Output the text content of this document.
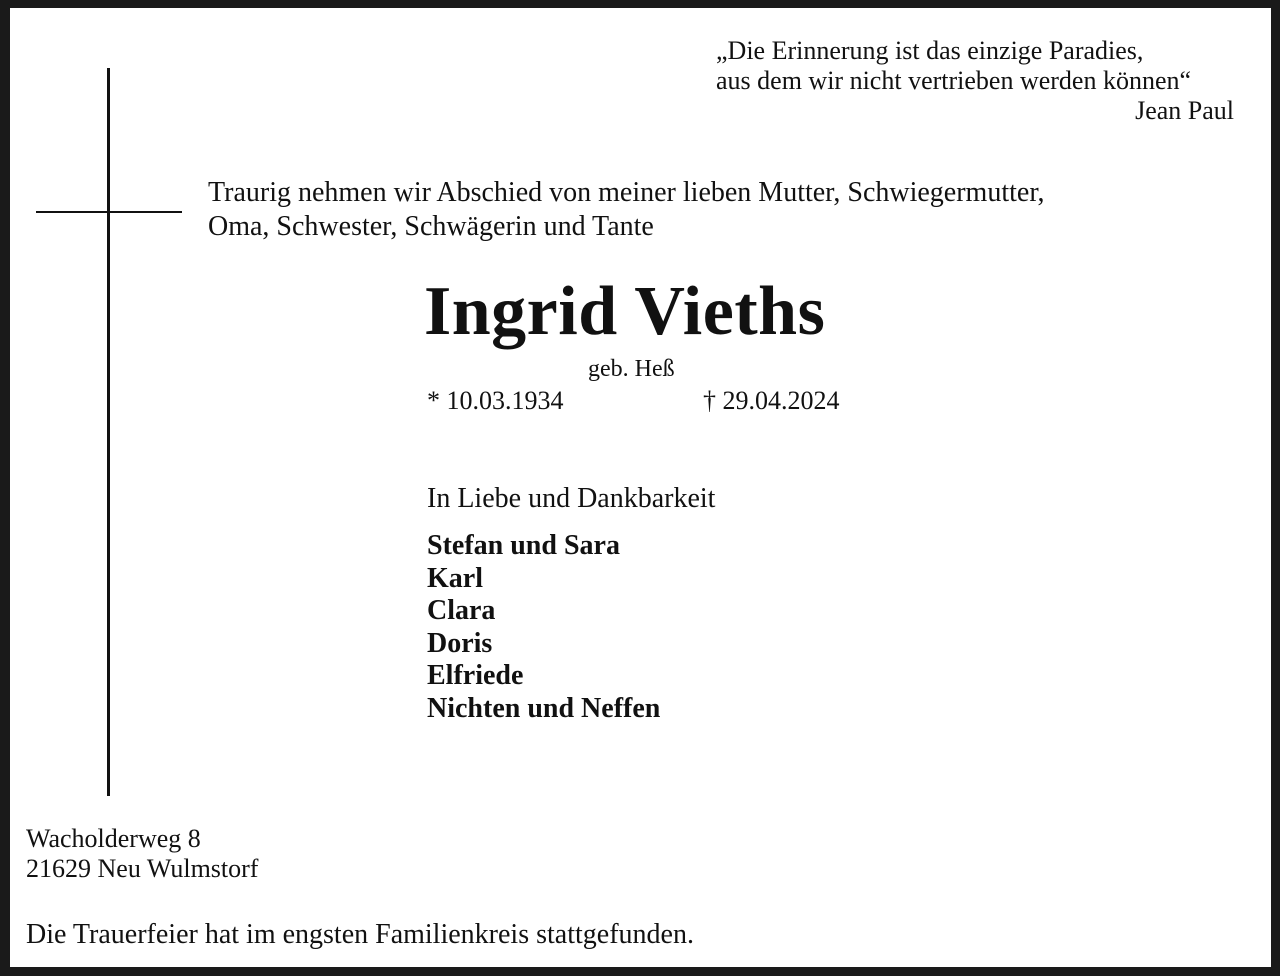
„Die Erinnerung ist das einzige Paradies,
aus dem wir nicht vertrieben werden können“
Jean Paul
Traurig nehmen wir Abschied von meiner lieben Mutter, Schwiegermutter,
Oma, Schwester, Schwägerin und Tante
Ingrid Vieths
geb. Heß
* 10.03.1934	† 29.04.2024
In Liebe und Dankbarkeit
Stefan und Sara
Karl
Clara
Doris
Elfriede
Nichten und Neffen
Wacholderweg 8
21629 Neu Wulmstorf
Die Trauerfeier hat im engsten Familienkreis stattgefunden.
